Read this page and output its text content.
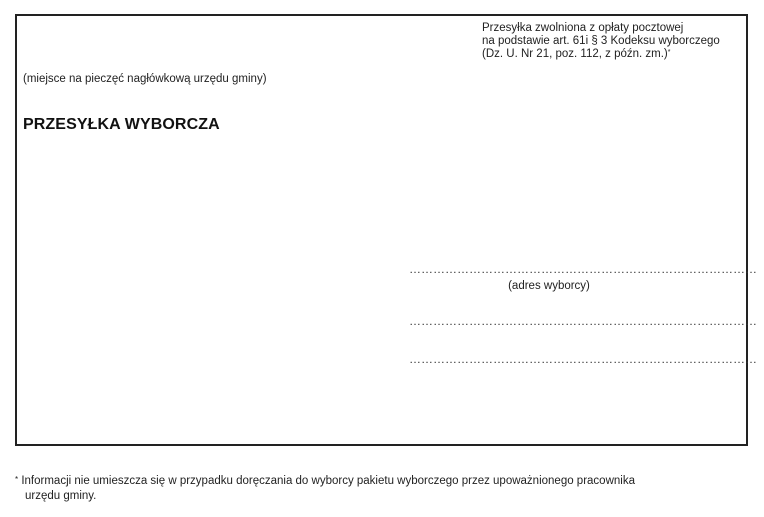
Przesyłka zwolniona z opłaty pocztowej
na podstawie art. 61i § 3 Kodeksu wyborczego
(Dz. U. Nr 21, poz. 112, z późn. zm.)*
(miejsce na pieczęć nagłówkową urzędu gminy)
PRZESYŁKA WYBORCZA
……………………………………………………………………………
(adres wyborcy)
……………………………………………………………………………
……………………………………………………………………………
* Informacji nie umieszcza się w przypadku doręczania do wyborcy pakietu wyborczego przez upoważnionego pracownika
urzędu gminy.
